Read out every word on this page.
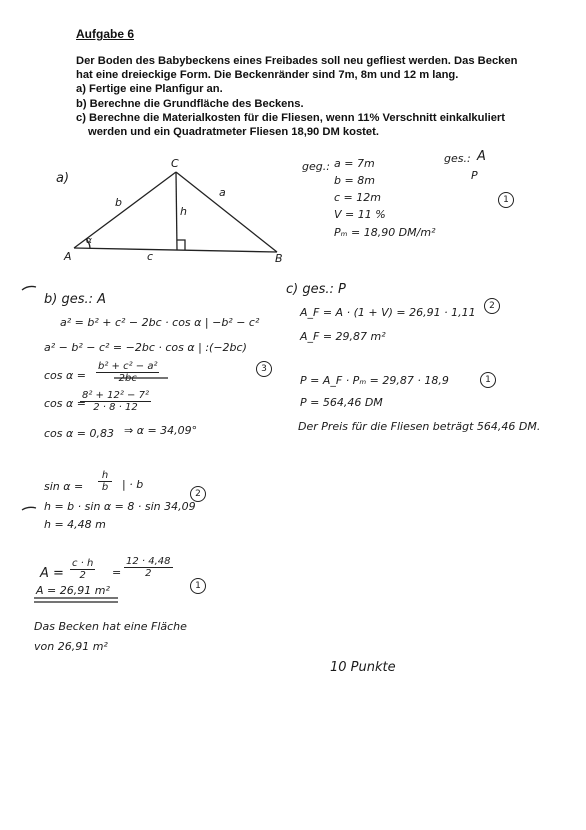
Aufgabe 6
Der Boden des Babybeckens eines Freibades soll neu gefliest werden. Das Becken
hat eine dreieckige Form. Die Beckenränder sind 7m, 8m und 12 m lang.
a) Fertige eine Planfigur an.
b) Berechne die Grundfläche des Beckens.
c) Berechne die Materialkosten für die Fliesen, wenn 11% Verschnitt einkalkuliert
werden und ein Quadratmeter Fliesen 18,90 DM kostet.
a)
C
A	B
b
a
c
h
α
geg.: a = 7m
b = 8m
c = 12m
V = 11 %
Pₘ = 18,90 DM/m²
ges.: A
P
1
b) ges.: A
a² = b² + c² − 2bc · cos α | −b² − c²
a² − b² − c² = −2bc · cos α | :(−2bc)
$\cos \alpha = \frac{\text{b² + c² − a²}}{2bc}$	3
cos α =
$\frac{\text{8² + 12² − 7²}}{2 \cdot 8 \cdot 12}$
cos α = 0,83 ⇒ α = 34,09°
$\sin \alpha = \frac{h}{b}$ | · b
h = b · sin α = 8 · sin 34,09
2
h = 4,48 m
$A = \frac{c \cdot h}{2} = \frac{12 \cdot 4,48}{2}$
1
A = 26,91 m²
Das Becken hat eine Fläche
von 26,91 m²
c) ges.: P
A_F = A · (1 + V) = 26,91 · 1,11	2
A_F = 29,87 m²
P = A_F · Pₘ = 29,87 · 18,9	1
P = 564,46 DM
Der Preis für die Fliesen beträgt 564,46 DM.
10 Punkte
